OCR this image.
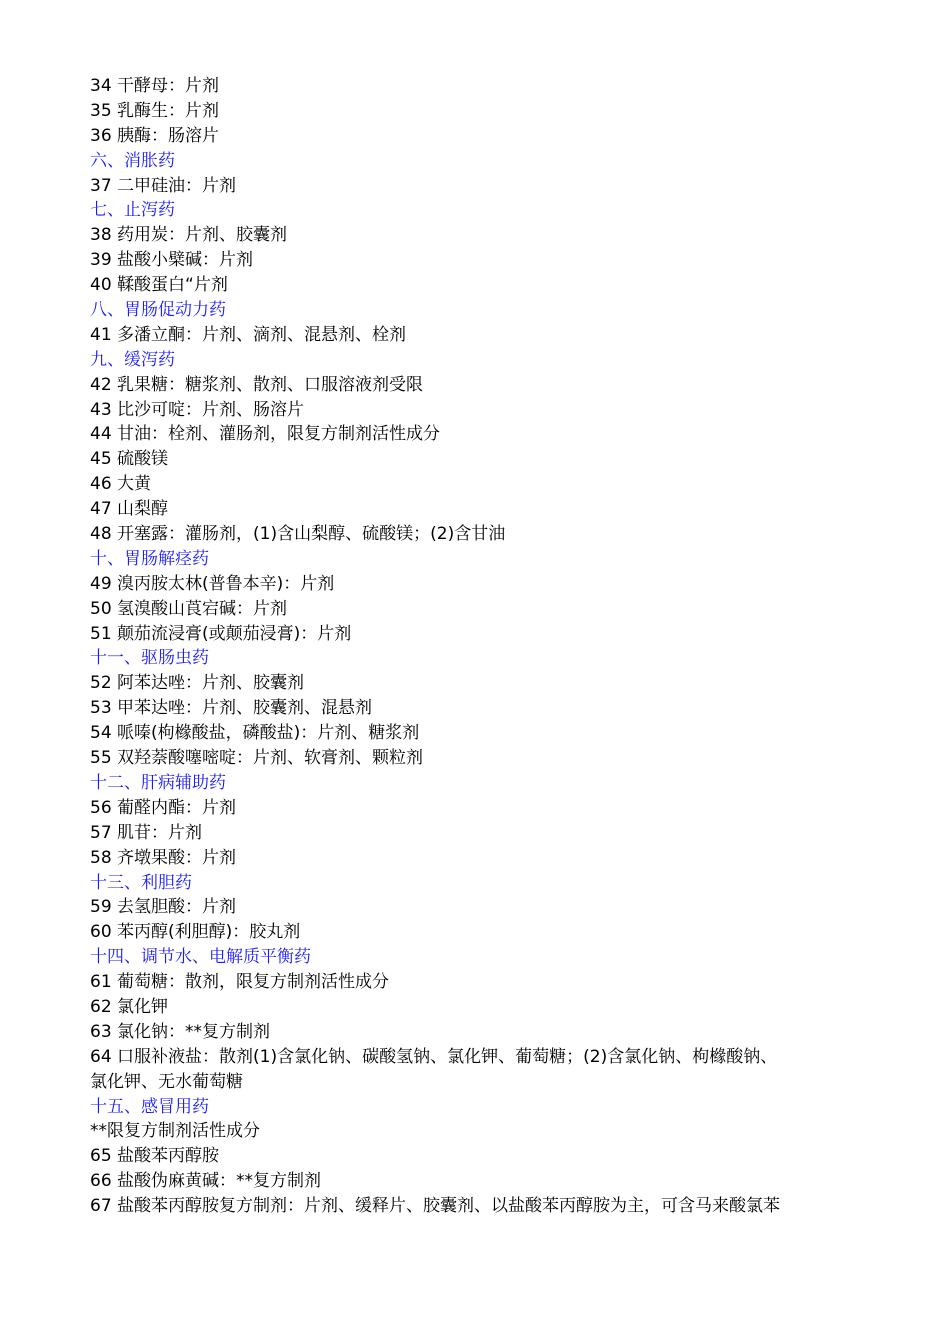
34 干酵母：片剂
35 乳酶生：片剂
36 胰酶：肠溶片
六、消胀药
37 二甲硅油：片剂
七、止泻药
38 药用炭：片剂、胶囊剂
39 盐酸小檗碱：片剂
40 鞣酸蛋白“片剂
八、胃肠促动力药
41 多潘立酮：片剂、滴剂、混悬剂、栓剂
九、缓泻药
42 乳果糖：糖浆剂、散剂、口服溶液剂受限
43 比沙可啶：片剂、肠溶片
44 甘油：栓剂、灌肠剂，限复方制剂活性成分
45 硫酸镁
46 大黄
47 山梨醇
48 开塞露：灌肠剂，(1)含山梨醇、硫酸镁；(2)含甘油
十、胃肠解痉药
49 溴丙胺太林(普鲁本辛)：片剂
50 氢溴酸山莨宕碱：片剂
51 颠茄流浸膏(或颠茄浸膏)：片剂
十一、驱肠虫药
52 阿苯达唑：片剂、胶囊剂
53 甲苯达唑：片剂、胶囊剂、混悬剂
54 哌嗪(枸橼酸盐，磷酸盐)：片剂、糖浆剂
55 双羟萘酸噻嘧啶：片剂、软膏剂、颗粒剂
十二、肝病辅助药
56 葡醛内酯：片剂
57 肌苷：片剂
58 齐墩果酸：片剂
十三、利胆药
59 去氢胆酸：片剂
60 苯丙醇(利胆醇)：胶丸剂
十四、调节水、电解质平衡药
61 葡萄糖：散剂，限复方制剂活性成分
62 氯化钾
63 氯化钠：**复方制剂
64 口服补液盐：散剂(1)含氯化钠、碳酸氢钠、氯化钾、葡萄糖；(2)含氯化钠、枸橼酸钠、
氯化钾、无水葡萄糖
十五、感冒用药
**限复方制剂活性成分
65 盐酸苯丙醇胺
66 盐酸伪麻黄碱：**复方制剂
67 盐酸苯丙醇胺复方制剂：片剂、缓释片、胶囊剂、以盐酸苯丙醇胺为主，可含马来酸氯苯
